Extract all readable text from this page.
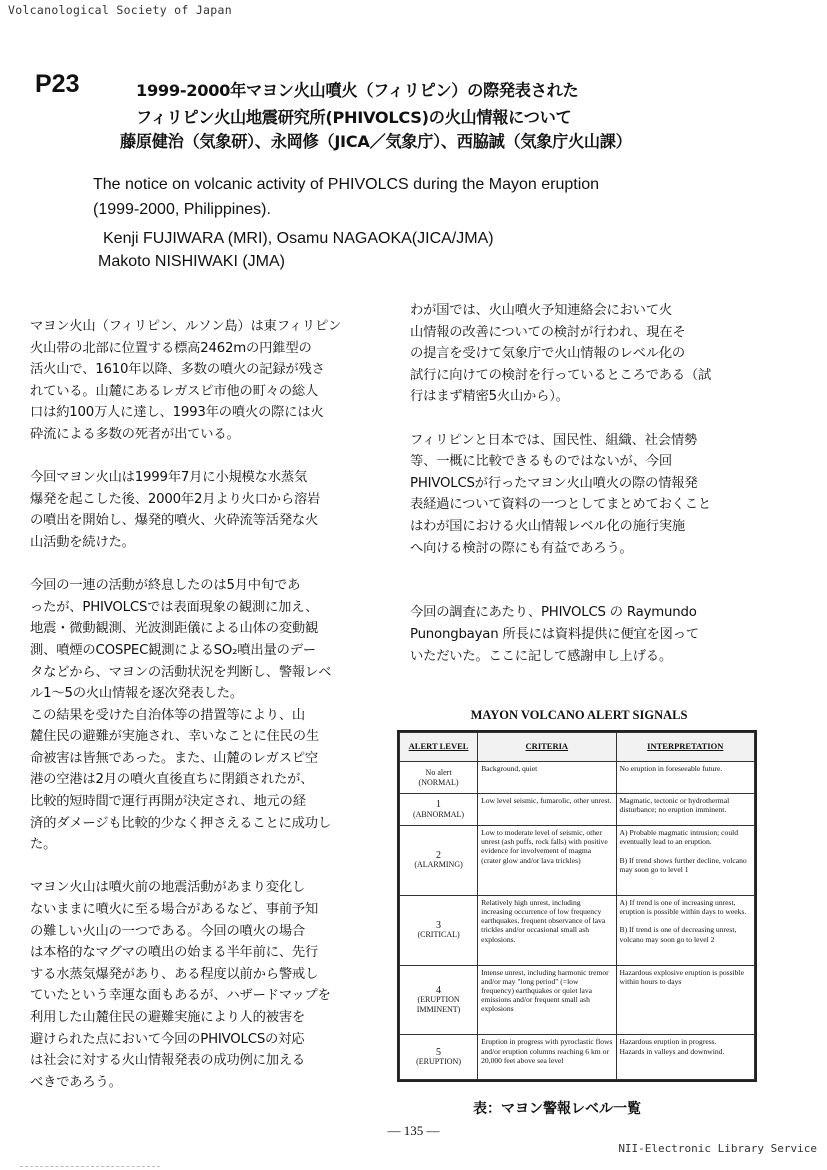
Volcanological Society of Japan
P23	1999-2000年マヨン火山噴火（フィリピン）の際発表された
フィリピン火山地震研究所(PHIVOLCS)の火山情報について
藤原健治（気象研）、永岡修（JICA／気象庁）、西脇誠（気象庁火山課）
The notice on volcanic activity of PHIVOLCS during the Mayon eruption
(1999-2000, Philippines).
Kenji FUJIWARA (MRI), Osamu NAGAOKA(JICA/JMA)
Makoto NISHIWAKI (JMA)

マヨン火山（フィリピン、ルソン島）は東フィリピン

火山帯の北部に位置する標高2462mの円錐型の

活火山で、1610年以降、多数の噴火の記録が残さ

れている。山麓にあるレガスピ市他の町々の総人

口は約100万人に達し、1993年の噴火の際には火

砕流による多数の死者が出ている。

今回マヨン火山は1999年7月に小規模な水蒸気

爆発を起こした後、2000年2月より火口から溶岩

の噴出を開始し、爆発的噴火、火砕流等活発な火

山活動を続けた。

今回の一連の活動が終息したのは5月中旬であ

ったが、PHIVOLCSでは表面現象の観測に加え、

地震・微動観測、光波測距儀による山体の変動観

測、噴煙のCOSPEC観測によるSO₂噴出量のデー

タなどから、マヨンの活動状況を判断し、警報レベ

ル1～5の火山情報を逐次発表した。

この結果を受けた自治体等の措置等により、山

麓住民の避難が実施され、幸いなことに住民の生

命被害は皆無であった。また、山麓のレガスピ空

港の空港は2月の噴火直後直ちに閉鎖されたが、

比較的短時間で運行再開が決定され、地元の経

済的ダメージも比較的少なく押さえることに成功し

た。

マヨン火山は噴火前の地震活動があまり変化し

ないままに噴火に至る場合があるなど、事前予知

の難しい火山の一つである。今回の噴火の場合

は本格的なマグマの噴出の始まる半年前に、先行

する水蒸気爆発があり、ある程度以前から警戒し

ていたという幸運な面もあるが、ハザードマップを

利用した山麓住民の避難実施により人的被害を

避けられた点において今回のPHIVOLCSの対応

は社会に対する火山情報発表の成功例に加える

べきであろう。

わが国では、火山噴火予知連絡会において火

山情報の改善についての検討が行われ、現在そ

の提言を受けて気象庁で火山情報のレベル化の

試行に向けての検討を行っているところである（試

行はまず精密5火山から）。

フィリピンと日本では、国民性、組織、社会情勢

等、一概に比較できるものではないが、今回

PHIVOLCSが行ったマヨン火山噴火の際の情報発

表経過について資料の一つとしてまとめておくこと

はわが国における火山情報レベル化の施行実施

へ向ける検討の際にも有益であろう。

今回の調査にあたり、PHIVOLCS の Raymundo

Punongbayan 所長には資料提供に便宜を図って

いただいた。ここに記して感謝申し上げる。

MAYON VOLCANO ALERT SIGNALS
ALERT LEVEL	CRITERIA	INTERPRETATION

No alert
(NORMAL)	Background, quiet	No eruption in foreseeable future.

1
(ABNORMAL)	Low level seismic, fumarolic, other unrest.	Magmatic, tectonic or hydrothermal disturbance; no eruption imminent.

2
(ALARMING)	Low to moderate level of seismic, other unrest (ash puffs, rock falls) with positive evidence for involvement of magma (crater glow and/or lava trickles)	A) Probable magmatic intrusion; could eventually lead to an eruption.

B) If trend shows further decline, volcano may soon go to level 1

3
(CRITICAL)	Relatively high unrest, including increasing occurrence of low frequency earthquakes, frequent observance of lava trickles and/or occasional small ash explosions.	A) If trend is one of increasing unrest, eruption is possible within days to weeks.

B) If trend is one of decreasing unrest, volcano may soon go to level 2

4
(ERUPTION
IMMINENT)	Intense unrest, including harmonic tremor and/or may "long period" (=low frequency) earthquakes or quiet lava emissions and/or frequent small ash explosions	Hazardous explosive eruption is possible within hours to days

5
(ERUPTION)	Eruption in progress with pyroclastic flows and/or eruption columns reaching 6 km or 20,000 feet above sea level	Hazardous eruption in progress.
Hazards in valleys and downwind.
表：マヨン警報レベル一覧
— 135 —
NII-Electronic Library Service
